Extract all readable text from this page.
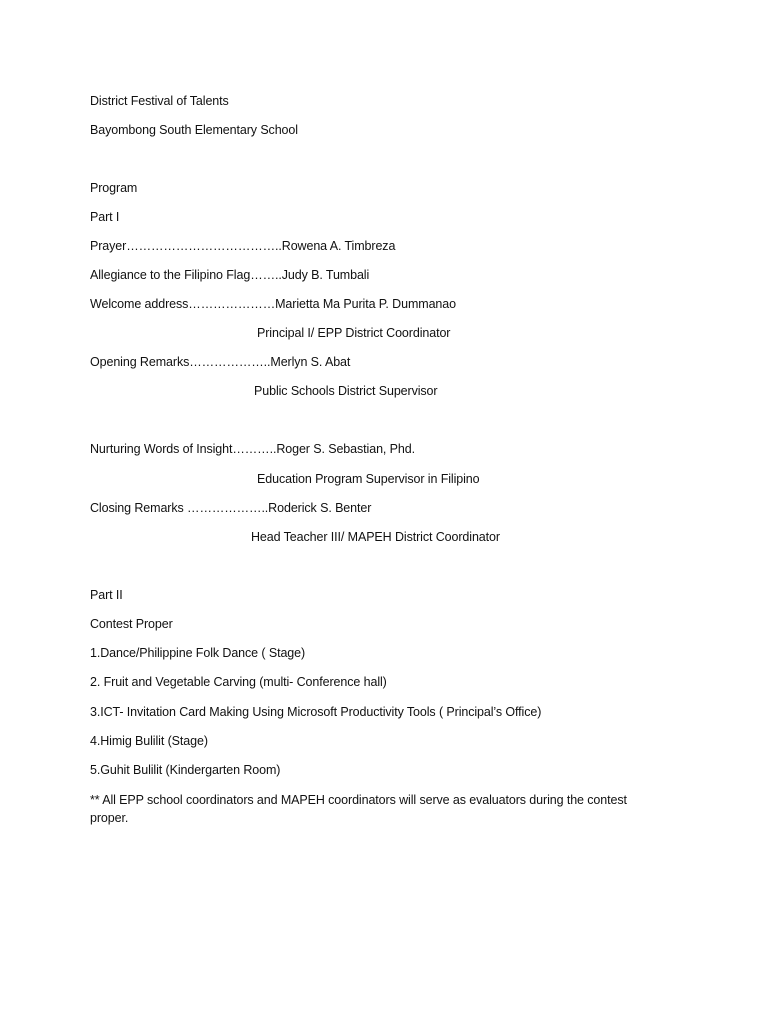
District Festival of Talents
Bayombong South Elementary School
Program
Part I
Prayer………………………………..Rowena A. Timbreza
Allegiance to the Filipino Flag……..Judy B. Tumbali
Welcome address…………………Marietta Ma Purita P. Dummanao
Principal I/ EPP District Coordinator
Opening Remarks………………..Merlyn S. Abat
Public Schools District Supervisor
Nurturing Words of Insight………..Roger S. Sebastian, Phd.
Education Program Supervisor in Filipino
Closing Remarks ………………..Roderick S. Benter
Head Teacher III/ MAPEH District Coordinator
Part II
Contest Proper
1.Dance/Philippine Folk Dance ( Stage)
2. Fruit and Vegetable Carving (multi- Conference hall)
3.ICT- Invitation Card Making Using Microsoft Productivity Tools ( Principal’s Office)
4.Himig Bulilit (Stage)
5.Guhit Bulilit (Kindergarten Room)
** All EPP school coordinators and MAPEH coordinators will serve as evaluators during the contest proper.
